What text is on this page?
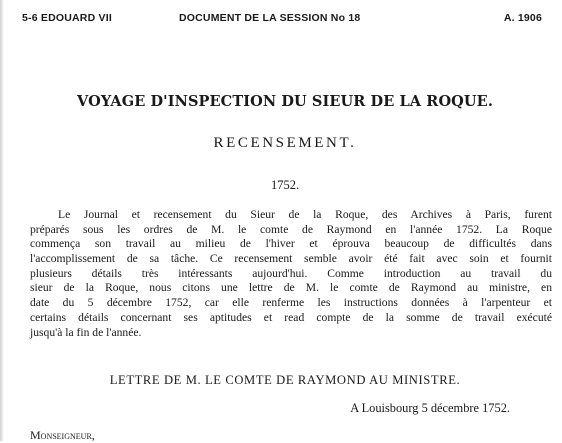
5-6 EDOUARD VII	DOCUMENT DE LA SESSION No 18	A. 1906
VOYAGE D'INSPECTION DU SIEUR DE LA ROQUE.
RECENSEMENT.
1752.
Le Journal et recensement du Sieur de la Roque, des Archives à Paris, furent
préparés sous les ordres de M. le comte de Raymond en l'année 1752. La Roque
commença son travail au milieu de l'hiver et éprouva beaucoup de difficultés dans
l'accomplissement de sa tâche. Ce recensement semble avoir été fait avec soin et fournit
plusieurs détails très intéressants aujourd'hui. Comme introduction au travail du
sieur de la Roque, nous citons une lettre de M. le comte de Raymond au ministre, en
date du 5 décembre 1752, car elle renferme les instructions données à l'arpenteur et
certains détails concernant ses aptitudes et read compte de la somme de travail exécuté
jusqu'à la fin de l'année.
LETTRE DE M. LE COMTE DE RAYMOND AU MINISTRE.
A Louisbourg 5 décembre 1752.
Monseigneur,
